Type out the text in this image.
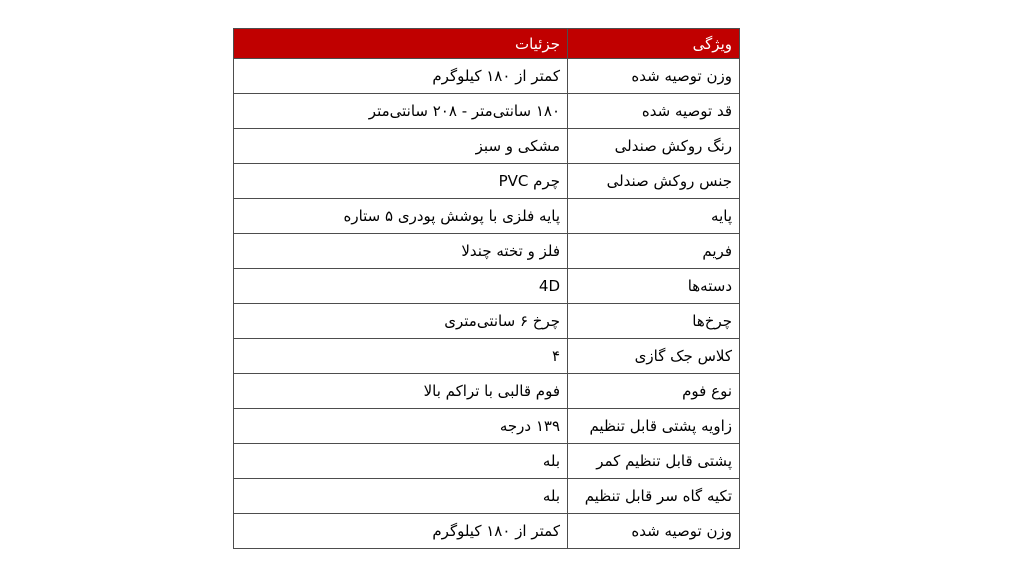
ویژگی	جزئیات
وزن توصیه شده	کمتر از ۱۸۰ کیلوگرم
قد توصیه شده	۱۸۰ سانتی‌متر - ۲۰۸ سانتی‌متر
رنگ روکش صندلی	مشکی و سبز
جنس روکش صندلی	چرم PVC
پایه	پایه فلزی با پوشش پودری ۵ ستاره
فریم	فلز و تخته چندلا
دسته‌ها	4D
چرخ‌ها	چرخ ۶ سانتی‌متری
کلاس جک گازی	۴
نوع فوم	فوم قالبی با تراکم بالا
زاویه پشتی قابل تنظیم	۱۳۹ درجه
پشتی قابل تنظیم کمر	بله
تکیه گاه سر قابل تنظیم	بله
وزن توصیه شده	کمتر از ۱۸۰ کیلوگرم
